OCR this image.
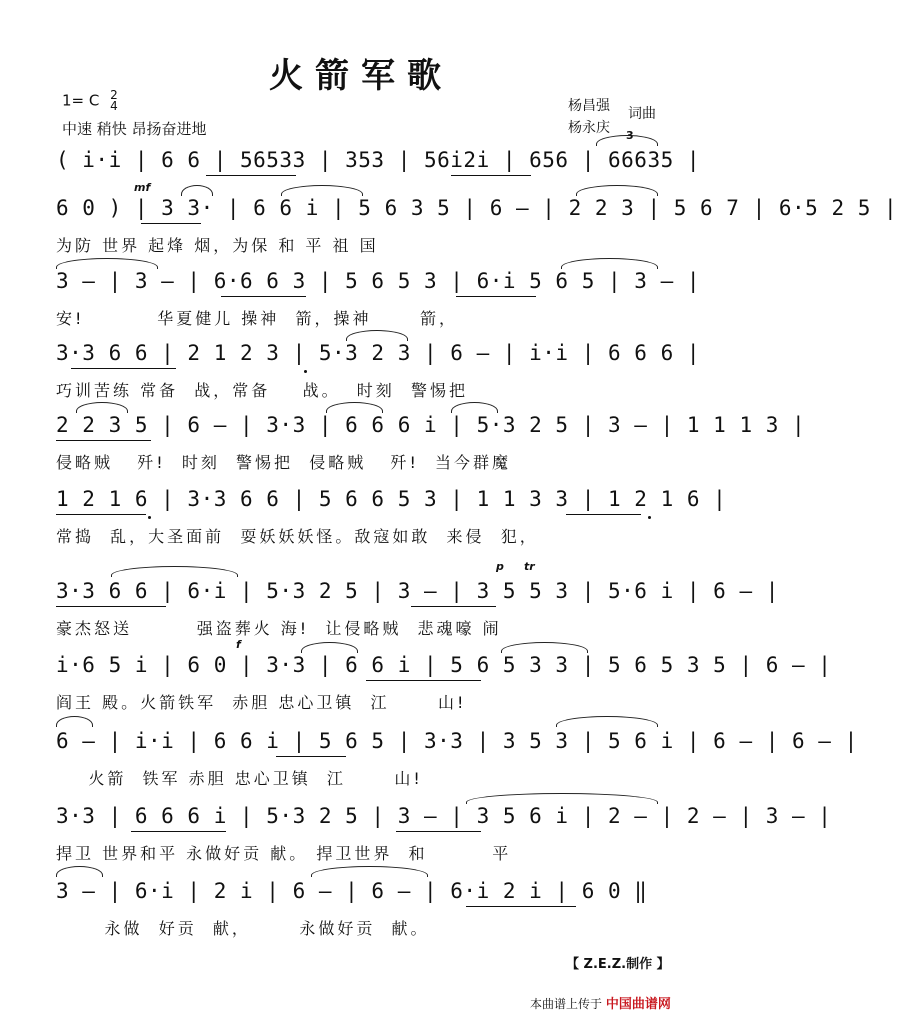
火箭军歌
1= C 2
4
中速 稍快 昂扬奋进地
杨昌强
杨永庆
词曲
( i·i | 6 6 | 56533 | 353 | 56i2i | 656 | 66635 |
3
mf
6 0 ) | 3 3· | 6 6 i | 5 6 3 5 | 6 — | 2 2 3 | 5 6 7 | 6·5 2 5 |
为防 世界 起烽 烟，为保 和 平 祖 国
3 — | 3 — | 6·6 6 3 | 5 6 5 3 | 6·i 5 6 5 | 3 — |
安!         华夏健儿 操神  箭，操神      箭，
3·3 6 6 | 2 1 2 3 | 5·3 2 3 | 6 — | i·i | 6 6 6 |
巧训苦练 常备  战，常备    战。  时刻  警惕把
2 2 3 5 | 6 — | 3·3 | 6 6 6 i | 5·3 2 5 | 3 — | 1 1 1 3 |
侵略贼   歼!  时刻  警惕把  侵略贼   歼!  当今群魔
1 2 1 6 | 3·3 6 6 | 5 6 6 5 3 | 1 1 3 3 | 1 2 1 6 |
常捣  乱，大圣面前  耍妖妖妖怪。敌寇如敢  来侵  犯，
3·3 6 6 | 6·i | 5·3 2 5 | 3 — | 3 5 5 3 | 5·6 i | 6 — |
p tr
豪杰怒送        强盗葬火 海!  让侵略贼  悲魂嚎 闹
f
i·6 5 i | 6 0 | 3·3 | 6 6 i | 5 6 5 3 3 | 5 6 5 3 5 | 6 — |
阎王 殿。火箭铁军  赤胆 忠心卫镇  江      山!
6 — | i·i | 6 6 i | 5 6 5 | 3·3 | 3 5 3 | 5 6 i | 6 — | 6 — |
火箭  铁军 赤胆 忠心卫镇  江      山!
3·3 | 6 6 6 i | 5·3 2 5 | 3 — | 3 5 6 i | 2 — | 2 — | 3 — |
捍卫 世界和平 永做好贡 献。 捍卫世界  和        平
3 — | 6·i | 2 i | 6 — | 6 — | 6·i 2 i | 6 0 ‖
永做  好贡  献，      永做好贡  献。
【 Z.E.Z.制作 】
本曲谱上传于 中国曲谱网
